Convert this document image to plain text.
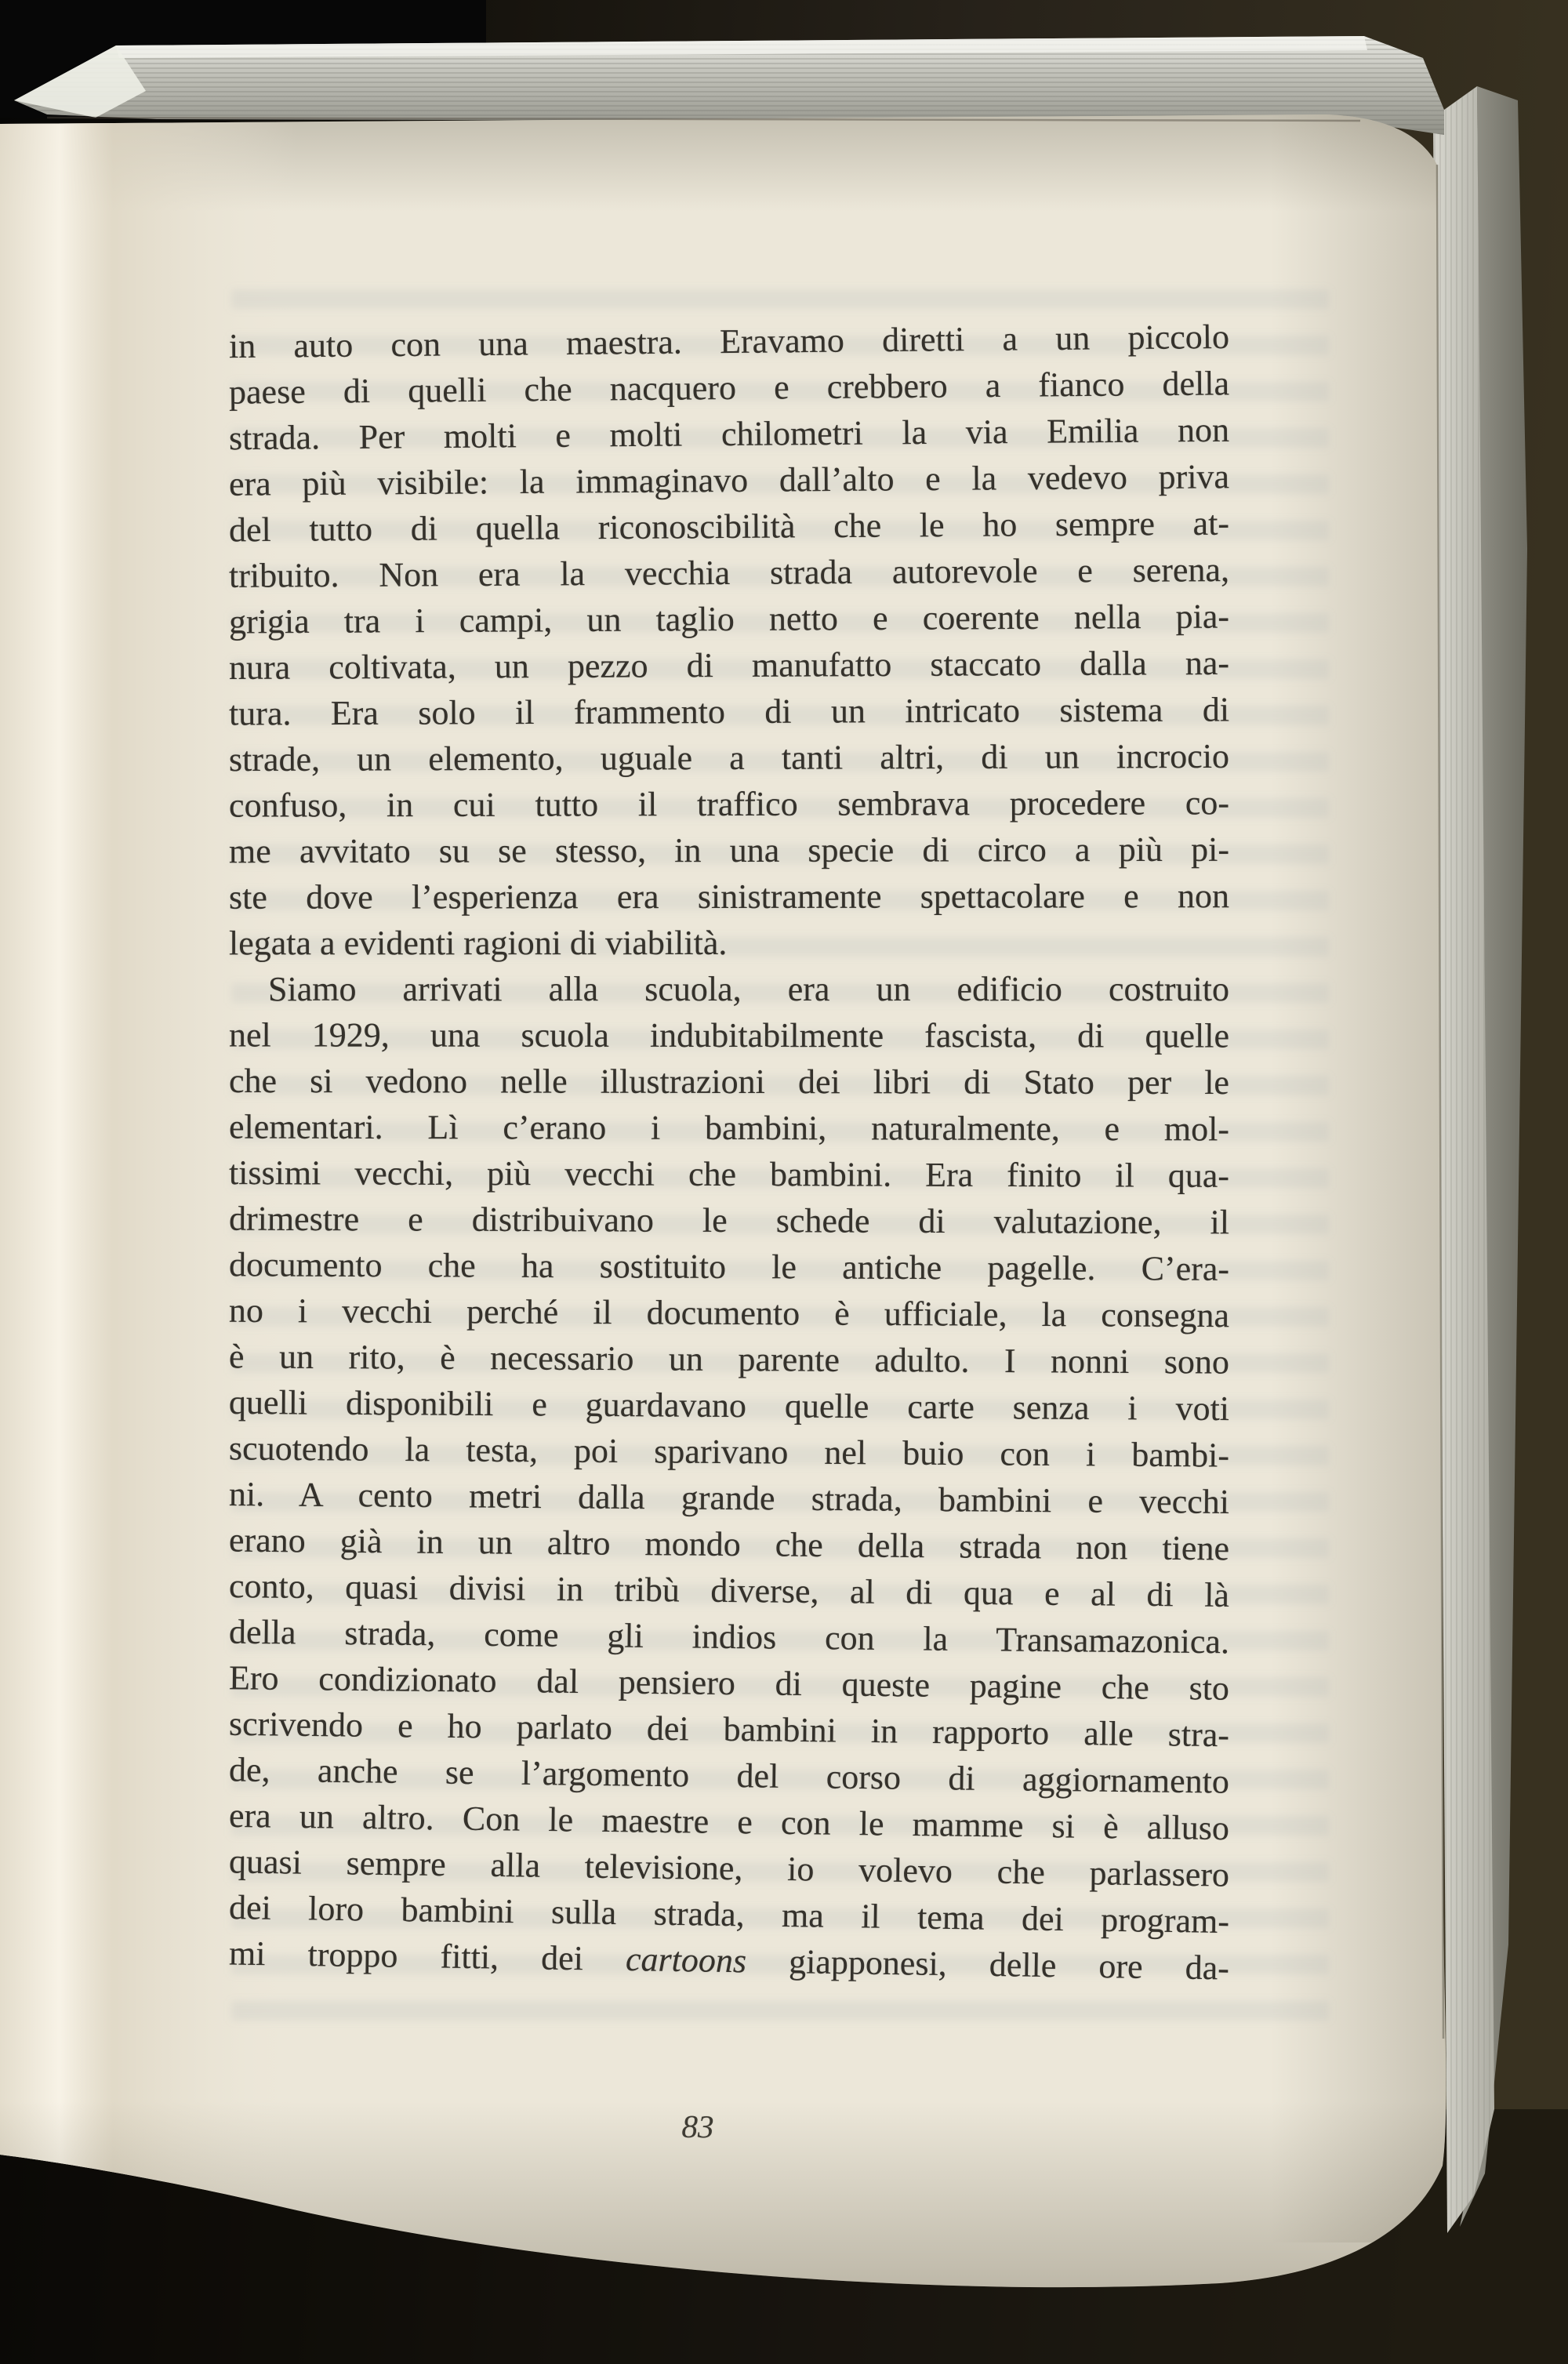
in auto con una maestra. Eravamo diretti a un piccolo

paese di quelli che nacquero e crebbero a fianco della

strada. Per molti e molti chilometri la via Emilia non

era più visibile: la immaginavo dall’alto e la vedevo priva

del tutto di quella riconoscibilità che le ho sempre at-

tribuito. Non era la vecchia strada autorevole e serena,

grigia tra i campi, un taglio netto e coerente nella pia-

nura coltivata, un pezzo di manufatto staccato dalla na-

tura. Era solo il frammento di un intricato sistema di

strade, un elemento, uguale a tanti altri, di un incrocio

confuso, in cui tutto il traffico sembrava procedere co-

me avvitato su se stesso, in una specie di circo a più pi-

ste dove l’esperienza era sinistramente spettacolare e non

legata a evidenti ragioni di viabilità.

Siamo arrivati alla scuola, era un edificio costruito

nel 1929, una scuola indubitabilmente fascista, di quelle

che si vedono nelle illustrazioni dei libri di Stato per le

elementari. Lì c’erano i bambini, naturalmente, e mol-

tissimi vecchi, più vecchi che bambini. Era finito il qua-

drimestre e distribuivano le schede di valutazione, il

documento che ha sostituito le antiche pagelle. C’era-

no i vecchi perché il documento è ufficiale, la consegna

è un rito, è necessario un parente adulto. I nonni sono

quelli disponibili e guardavano quelle carte senza i voti

scuotendo la testa, poi sparivano nel buio con i bambi-

ni. A cento metri dalla grande strada, bambini e vecchi

erano già in un altro mondo che della strada non tiene

conto, quasi divisi in tribù diverse, al di qua e al di là

della strada, come gli indios con la Transamazonica.

Ero condizionato dal pensiero di queste pagine che sto

scrivendo e ho parlato dei bambini in rapporto alle stra-

de, anche se l’argomento del corso di aggiornamento

era un altro. Con le maestre e con le mamme si è alluso

quasi sempre alla televisione, io volevo che parlassero

dei loro bambini sulla strada, ma il tema dei program-

mi troppo fitti, dei cartoons giapponesi, delle ore da-

83
